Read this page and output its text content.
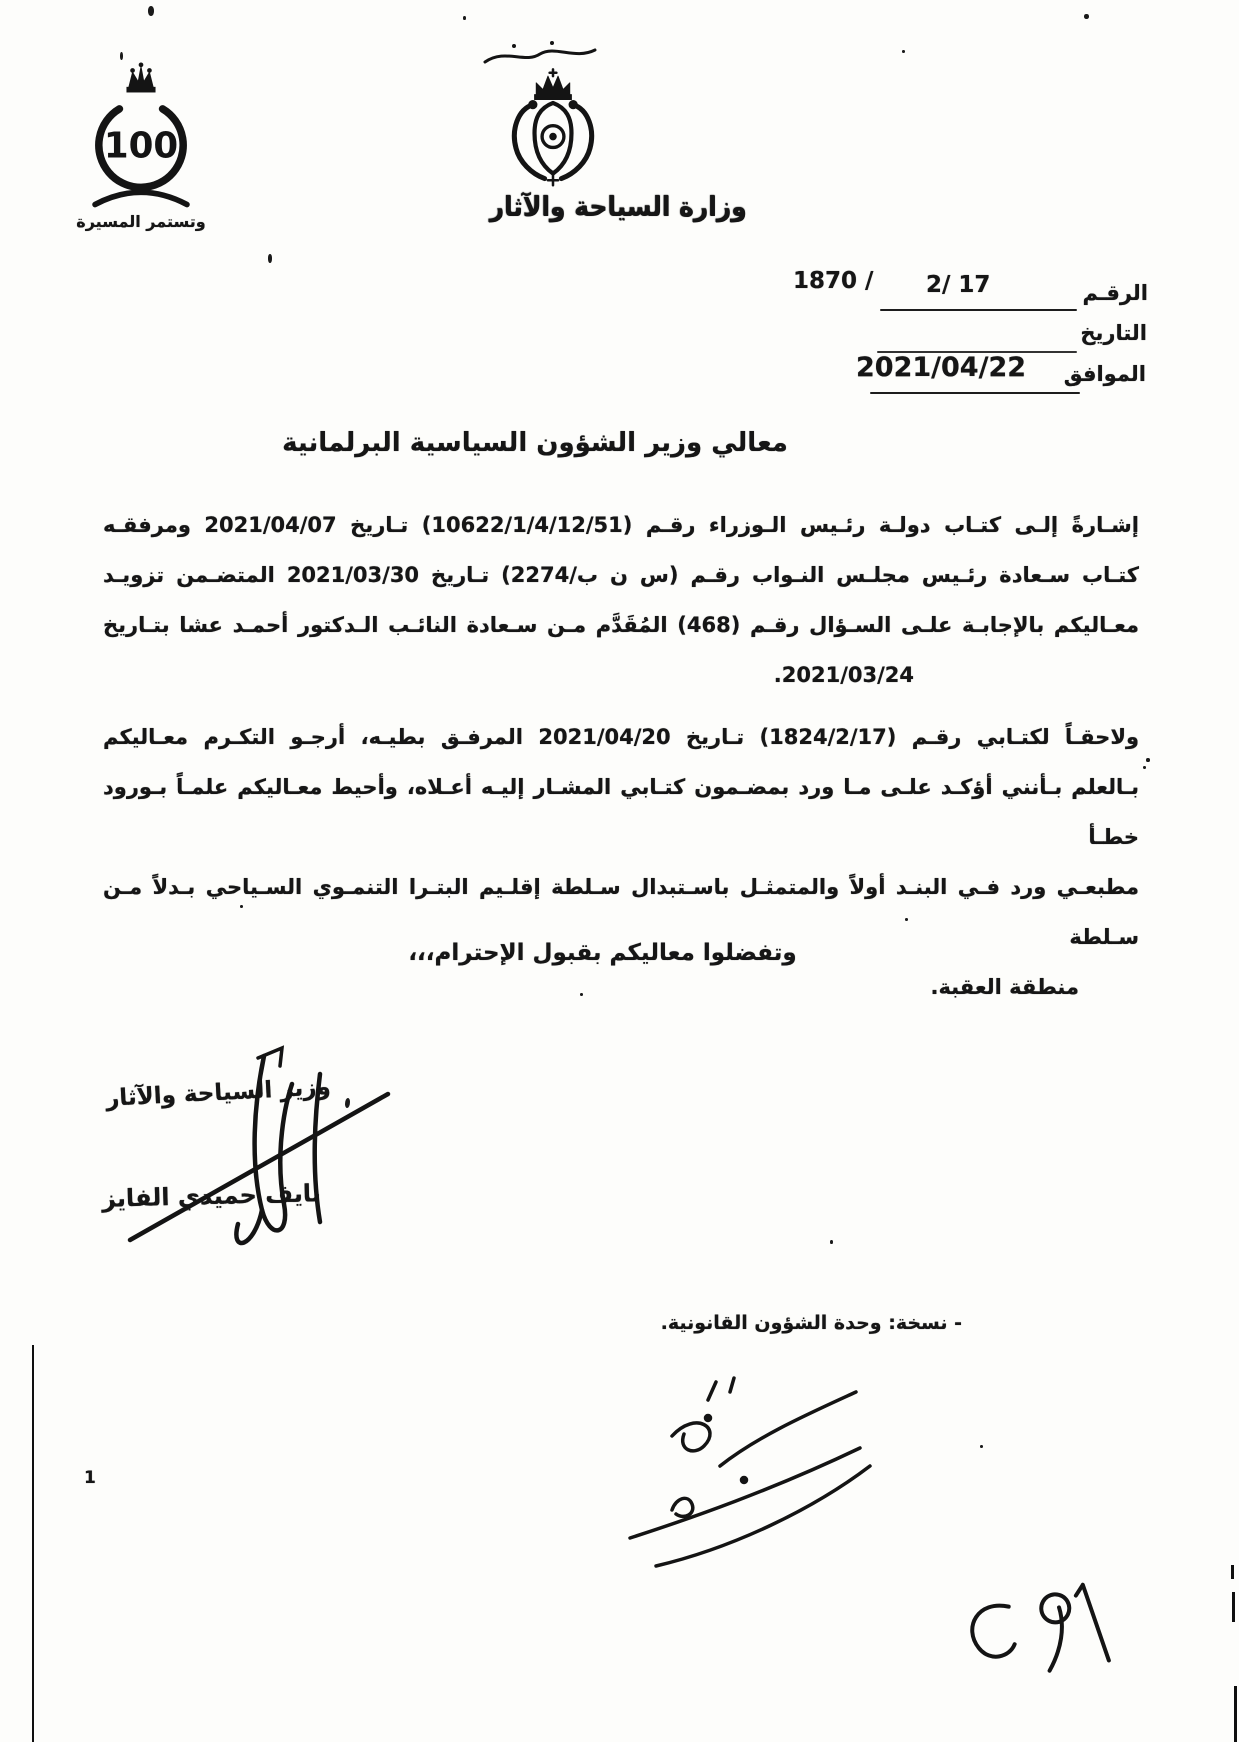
100
وتستمر المسيرة	وزارة السياحة والآثار
الرقـم
2/ 17
1870 /
التاريخ
الموافق
2021/04/22
معالي وزير الشؤون السياسية البرلمانية
إشـارةً إلـى كتـاب دولـة رئـيس الـوزراء رقـم (10622/1/4/12/51) تـاريخ 2021/04/07 ومرفقـه
كتـاب سـعادة رئـيس مجلـس النـواب رقـم (س ن ب/2274) تـاريخ 2021/03/30 المتضـمن تزويـد
معـاليكم بالإجابـة علـى السـؤال رقـم (468) المُقَدَّم مـن سـعادة النائـب الـدكتور أحمـد عشا بتـاريخ
2021/03/24.
ولاحقـاً لكتـابي رقـم (1824/2/17) تـاريخ 2021/04/20 المرفـق بطيـه، أرجـو التكـرم معـاليكم
بـالعلم بـأنني أؤكـد علـى مـا ورد بمضـمون كتـابي المشـار إليـه أعـلاه، وأحيط معـاليكم علمـاً بـورود خطـأ
مطبعـي ورد فـي البنـد أولاً والمتمثـل باسـتبدال سـلطة إقلـيم البتـرا التنمـوي السـياحي بـدلاً مـن سـلطة
منطقة العقبة.
وتفضلوا معاليكم بقبول الإحترام،،،
وزير السياحة والآثار
نايف حميدي الفايز
- نسخة: وحدة الشؤون القانونية.
1
